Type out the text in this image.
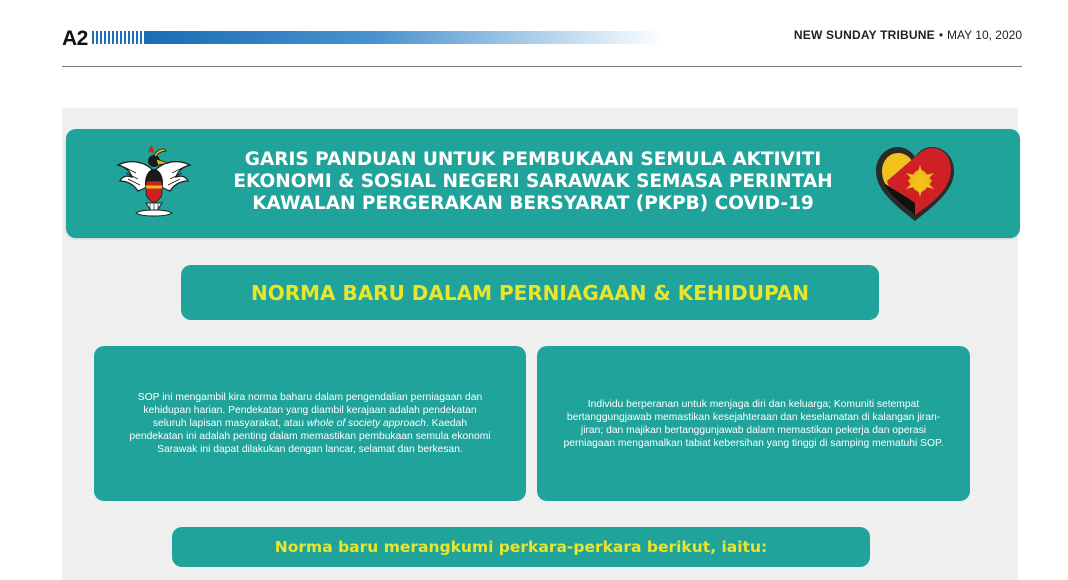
A2	NEW SUNDAY TRIBUNE • MAY 10, 2020
GARIS PANDUAN UNTUK PEMBUKAAN SEMULA AKTIVITI
EKONOMI & SOSIAL NEGERI SARAWAK SEMASA PERINTAH
KAWALAN PERGERAKAN BERSYARAT (PKPB) COVID-19
NORMA BARU DALAM PERNIAGAAN & KEHIDUPAN

SOP ini mengambil kira norma baharu dalam pengendalian perniagaan dan kehidupan harian. Pendekatan yang diambil kerajaan adalah pendekatan seluruh lapisan masyarakat, atau whole of society approach. Kaedah pendekatan ini adalah penting dalam memastikan pembukaan semula ekonomi Sarawak ini dapat dilakukan dengan lancar, selamat dan berkesan.

Individu berperanan untuk menjaga diri dan keluarga; Komuniti setempat bertanggungjawab memastikan kesejahteraan dan keselamatan di kalangan jiran-jiran; dan majikan bertanggunjawab dalam memastikan pekerja dan operasi perniagaan mengamalkan tabiat kebersihan yang tinggi di samping mematuhi SOP.

Norma baru merangkumi perkara-perkara berikut, iaitu:
